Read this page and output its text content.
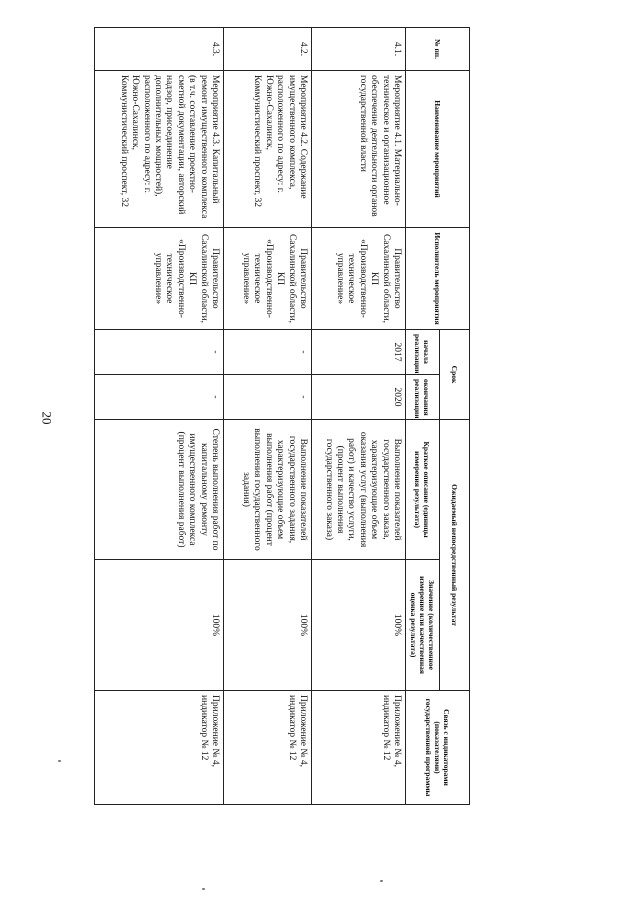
20
№ пп.	Наименование мероприятий	Исполнитель мероприятия	Срок		Ожидаемый непосредственный результат		Связь с индикаторами (показателями) государственной программы
			начала реализации	окончания реализации	Краткое описание (единицы измерения результата)	Значение (количественное измерение или качественная оценка результата)	

4.1.	Мероприятие 4.1. Материально-техническое и организационное обеспечение деятельности органов государственной власти	Правительство Сахалинской области, КП «Производственно-техническое управление»	2017	2020	Выполнение показателей государственного заказа, характеризующие объем оказания услуг (выполнения работ) и качество услуги, (процент выполнения государственного заказа)	100%	Приложение № 4, индикатор № 12
4.2.	Мероприятие 4.2. Содержание имущественного комплекса, расположенного по адресу: г. Южно-Сахалинск, Коммунистический проспект, 32	Правительство Сахалинской области, КП «Производственно-техническое управление»	-	-	Выполнение показателей государственного задания, характеризующие объем выполнения работ (процент выполнения государственного задания)	100%	Приложение № 4, индикатор № 12
4.3.	Мероприятие 4.3. Капитальный ремонт имущественного комплекса (в т.ч. составление проектно-сметной документации, авторский надзор, присоединение дополнительных мощностей), расположенного по адресу: г. Южно-Сахалинск, Коммунистический проспект, 32	Правительство Сахалинской области, КП «Производственно-техническое управление»	-	-	Степень выполнения работ по капитальному ремонту имущественного комплекса (процент выполнения работ)	100%	Приложение № 4, индикатор № 12
